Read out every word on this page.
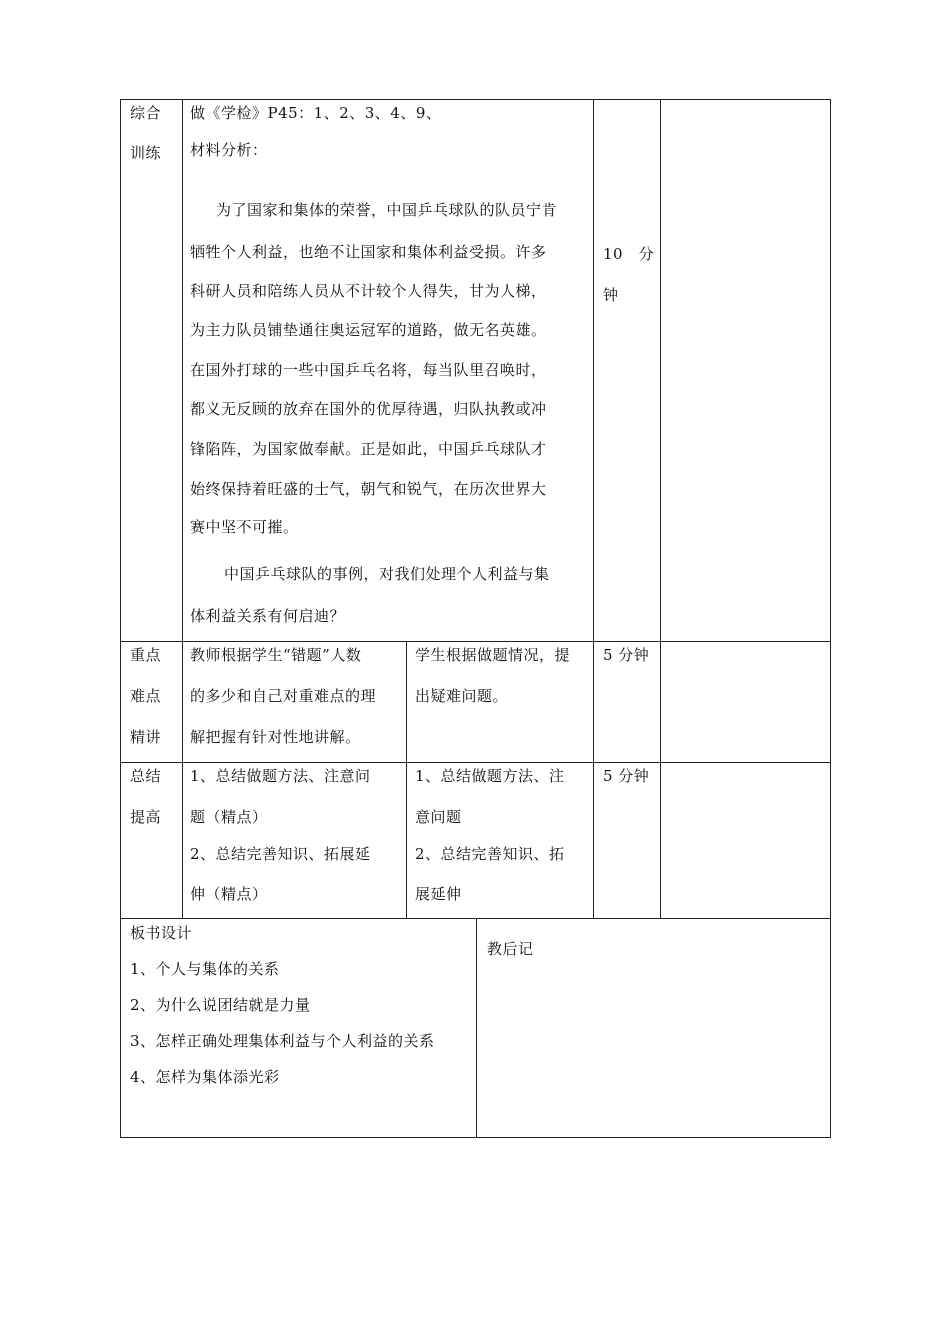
综合
训练
做《学检》P45：1、2、3、4、9、
材料分析：
为了国家和集体的荣誉，中国乒乓球队的队员宁肯
牺牲个人利益，也绝不让国家和集体利益受损。许多
科研人员和陪练人员从不计较个人得失，甘为人梯，
为主力队员铺垫通往奥运冠军的道路，做无名英雄。
在国外打球的一些中国乒乓名将，每当队里召唤时，
都义无反顾的放弃在国外的优厚待遇，归队执教或冲
锋陷阵，为国家做奉献。正是如此，中国乒乓球队才
始终保持着旺盛的士气，朝气和锐气，在历次世界大
赛中坚不可摧。
中国乒乓球队的事例，对我们处理个人利益与集
体利益关系有何启迪？
10　分
钟
重点
难点
精讲
教师根据学生“错题”人数
的多少和自己对重难点的理
解把握有针对性地讲解。
学生根据做题情况，提
出疑难问题。
5 分钟
总结
提高
1、总结做题方法、注意问
题（精点）
2、总结完善知识、拓展延
伸（精点）
1、总结做题方法、注
意问题
2、总结完善知识、拓
展延伸
5 分钟
板书设计
1、个人与集体的关系
2、为什么说团结就是力量
3、怎样正确处理集体利益与个人利益的关系
4、怎样为集体添光彩
教后记
